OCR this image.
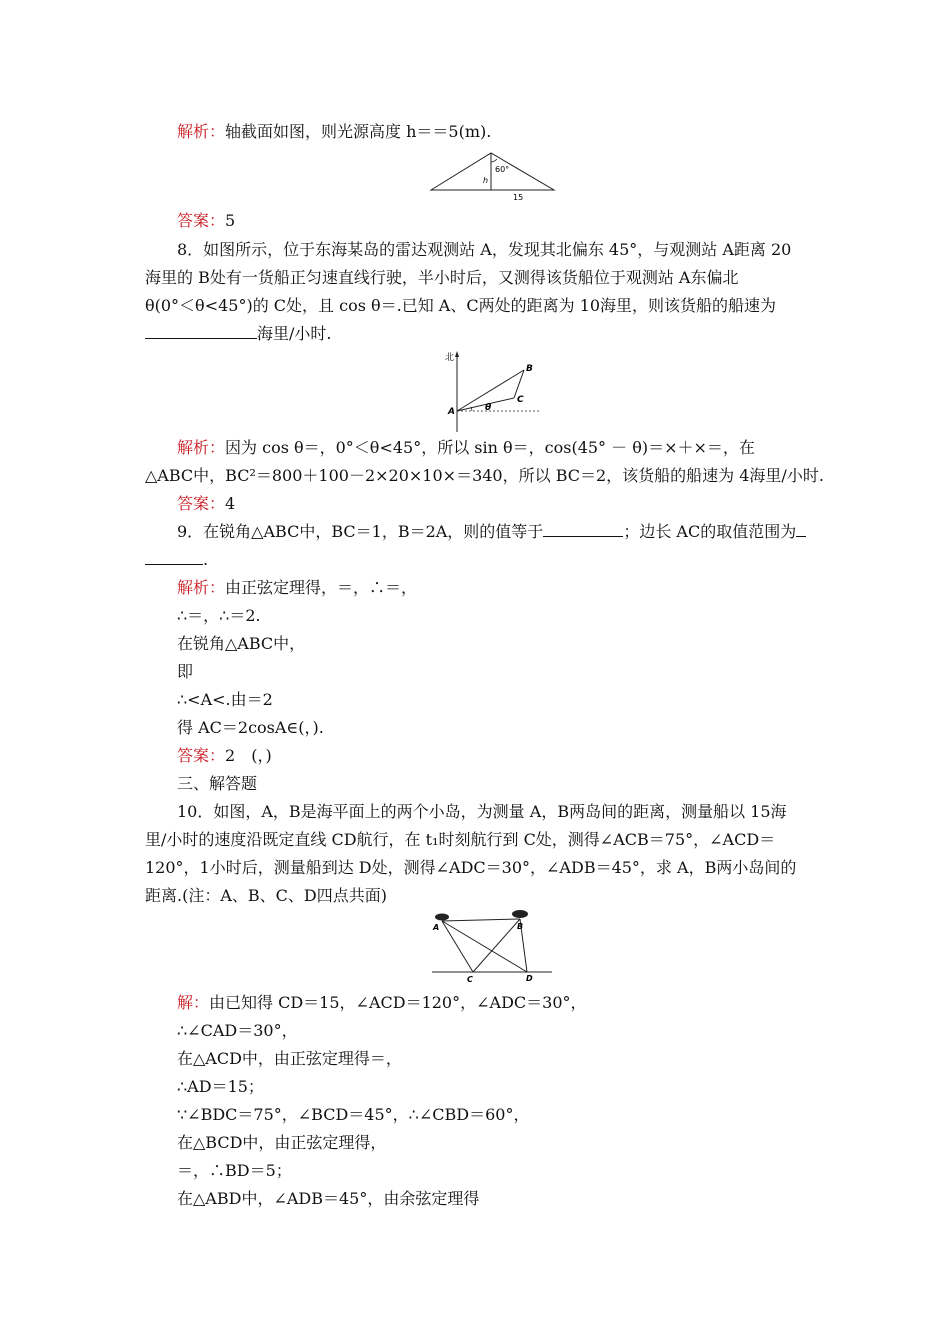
解析：轴截面如图，则光源高度 h＝＝5(m).
60°
h
15
答案：5
8．如图所示，位于东海某岛的雷达观测站 A，发现其北偏东 45°，与观测站 A距离 20
海里的 B处有一货船正匀速直线行驶，半小时后，又测得该货船位于观测站 A东偏北
θ(0°＜θ<45°)的 C处，且 cos θ＝.已知 A、C两处的距离为 10海里，则该货船的船速为
海里/小时.
北
A
B
C
θ
解析：因为 cos θ＝，0°＜θ<45°，所以 sin θ＝，cos(45° － θ)＝×＋×＝，在
△ABC中，BC²＝800＋100－2×20×10×＝340，所以 BC＝2，该货船的船速为 4海里/小时.
答案：4
9．在锐角△ABC中，BC＝1，B＝2A，则的值等于	；边长 AC的取值范围为
.
解析：由正弦定理得，＝，∴＝，
∴＝，∴＝2.
在锐角△ABC中，
即
∴<A<.由＝2
得 AC＝2cosA∈(，).
答案：2　(，)
三、解答题
10．如图，A，B是海平面上的两个小岛，为测量 A，B两岛间的距离，测量船以 15海
里/小时的速度沿既定直线 CD航行，在 t₁时刻航行到 C处，测得∠ACB＝75°，∠ACD＝
120°，1小时后，测量船到达 D处，测得∠ADC＝30°，∠ADB＝45°，求 A，B两小岛间的
距离.(注：A、B、C、D四点共面)
A	B
C	D
解：由已知得 CD＝15，∠ACD＝120°，∠ADC＝30°，
∴∠CAD＝30°，
在△ACD中，由正弦定理得＝，
∴AD＝15；
∵∠BDC＝75°，∠BCD＝45°，∴∠CBD＝60°，
在△BCD中，由正弦定理得，
＝，∴BD＝5；
在△ABD中，∠ADB＝45°，由余弦定理得
